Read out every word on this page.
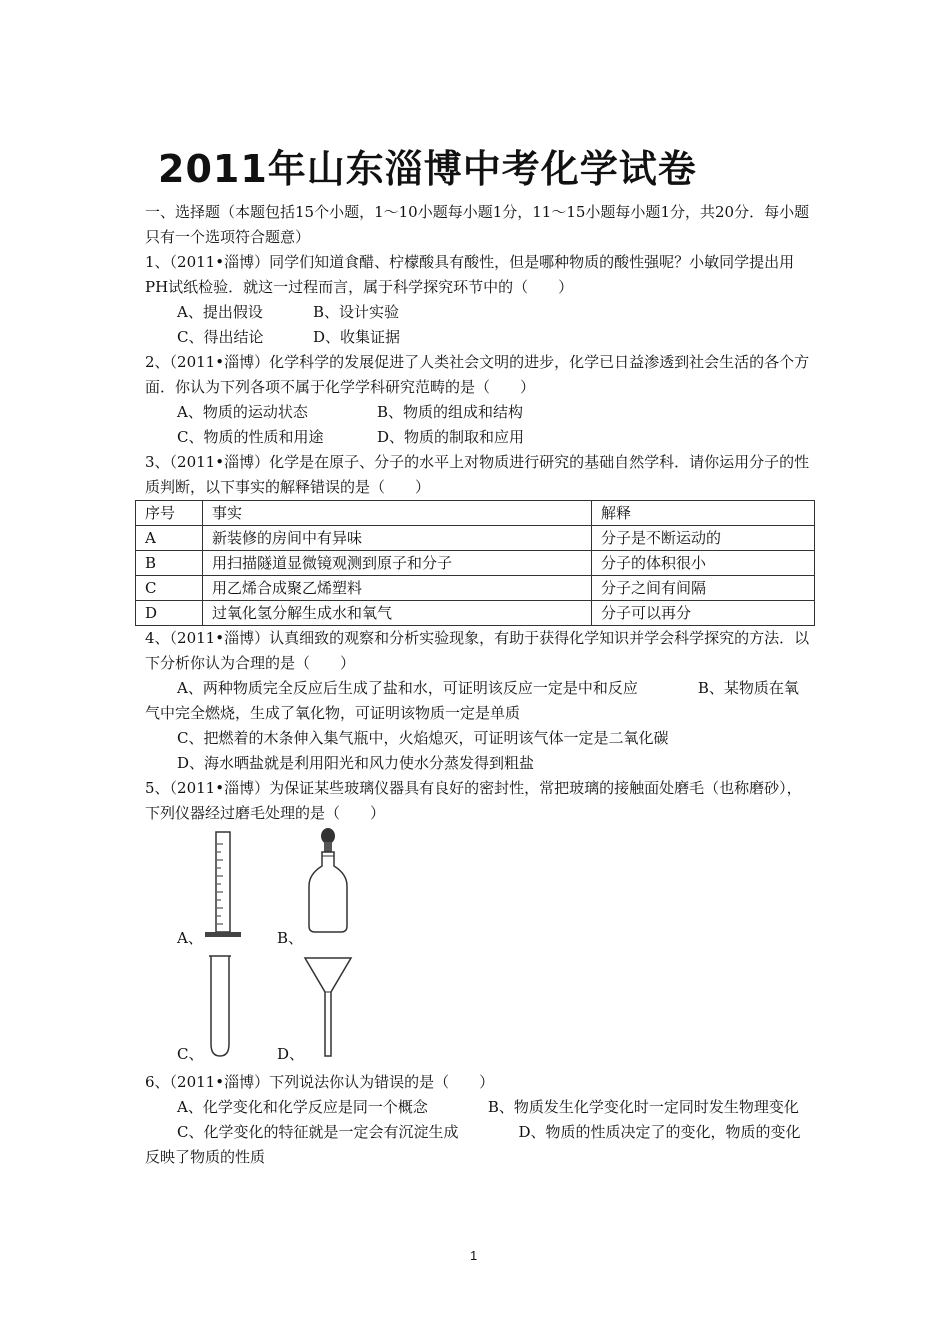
2011年山东淄博中考化学试卷

一、选择题（本题包括15个小题，1～10小题每小题1分，11～15小题每小题1分，共20分．每小题只有一个选项符合题意）

1、（2011•淄博）同学们知道食醋、柠檬酸具有酸性，但是哪种物质的酸性强呢？小敏同学提出用PH试纸检验．就这一过程而言，属于科学探究环节中的（　　）

A、提出假设	B、设计实验

C、得出结论	D、收集证据

2、（2011•淄博）化学科学的发展促进了人类社会文明的进步，化学已日益渗透到社会生活的各个方面．你认为下列各项不属于化学学科研究范畴的是（　　）

A、物质的运动状态	B、物质的组成和结构

C、物质的性质和用途	D、物质的制取和应用

3、（2011•淄博）化学是在原子、分子的水平上对物质进行研究的基础自然学科．请你运用分子的性质判断，以下事实的解释错误的是（　　）

序号	事实	解释
A	新装修的房间中有异味	分子是不断运动的
B	用扫描隧道显微镜观测到原子和分子	分子的体积很小
C	用乙烯合成聚乙烯塑料	分子之间有间隔
D	过氧化氢分解生成水和氧气	分子可以再分

4、（2011•淄博）认真细致的观察和分析实验现象，有助于获得化学知识并学会科学探究的方法．以下分析你认为合理的是（　　）

A、两种物质完全反应后生成了盐和水，可证明该反应一定是中和反应　　　　B、某物质在氧气中完全燃烧，生成了氧化物，可证明该物质一定是单质

C、把燃着的木条伸入集气瓶中，火焰熄灭，可证明该气体一定是二氧化碳

D、海水晒盐就是利用阳光和风力使水分蒸发得到粗盐

5、（2011•淄博）为保证某些玻璃仪器具有良好的密封性，常把玻璃的接触面处磨毛（也称磨砂），下列仪器经过磨毛处理的是（　　）

A、	B、
C、	D、

6、（2011•淄博）下列说法你认为错误的是（　　）

A、化学变化和化学反应是同一个概念　　　　B、物质发生化学变化时一定同时发生物理变化

C、化学变化的特征就是一定会有沉淀生成　　　　D、物质的性质决定了的变化，物质的变化反映了物质的性质

1
